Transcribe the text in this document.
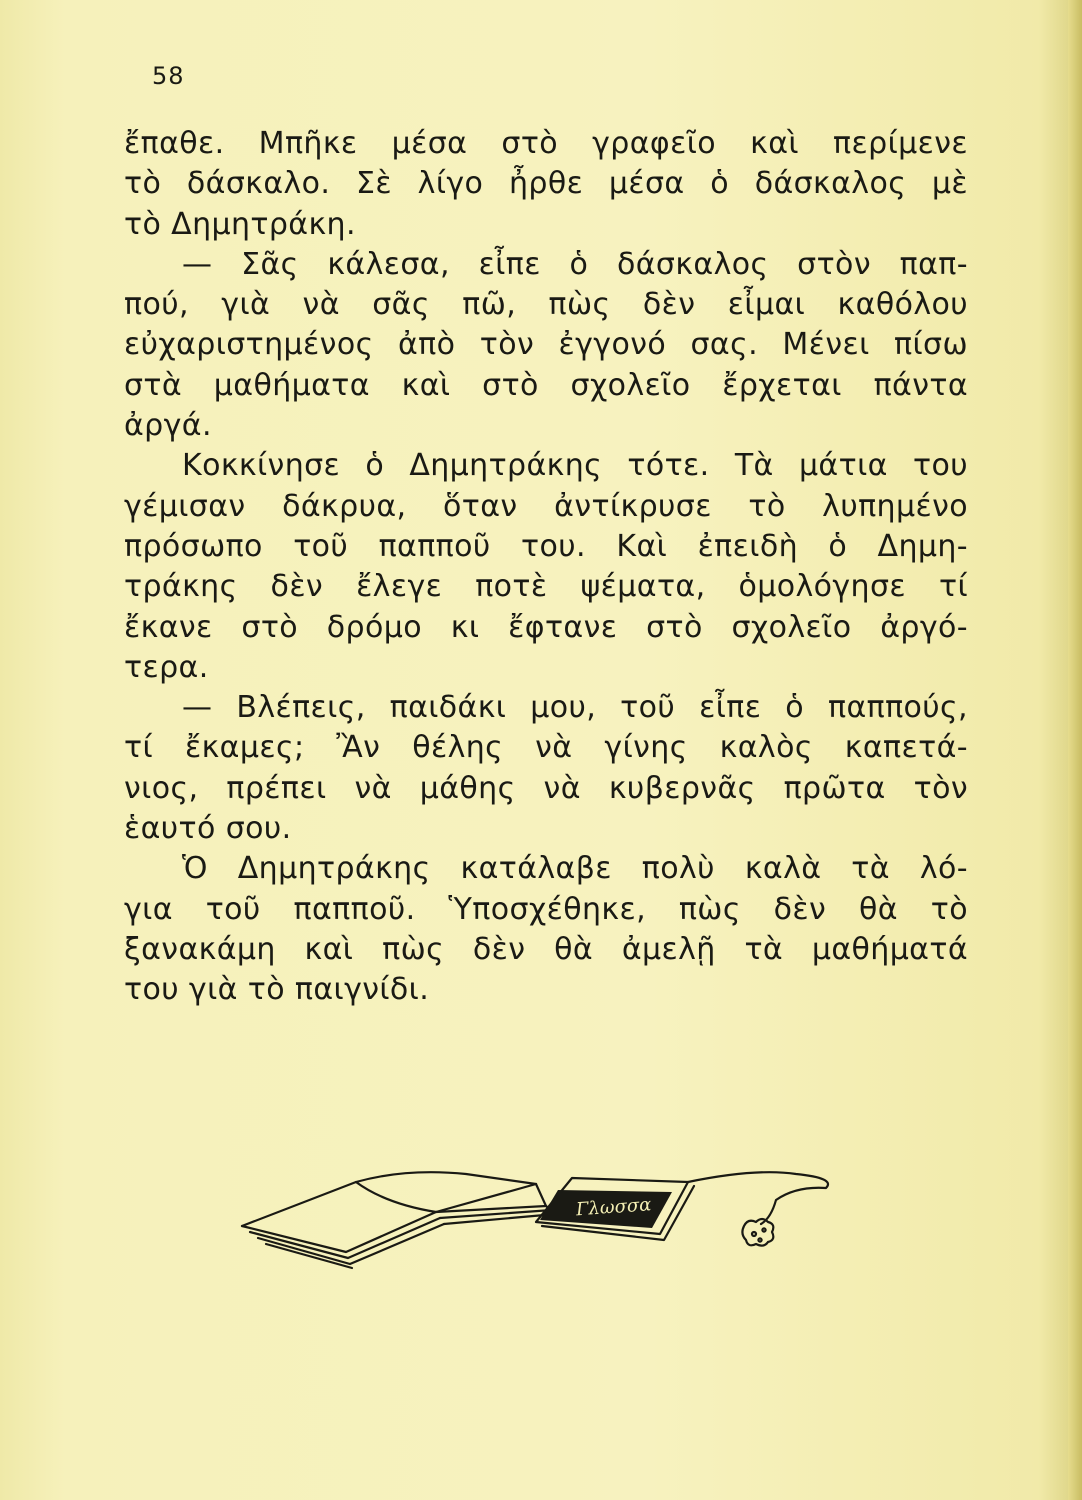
58
ἔπαθε. Μπῆκε μέσα στὸ γραφεῖο καὶ περίμενε
τὸ δάσκαλο. Σὲ λίγο ἦρθε μέσα ὁ δάσκαλος μὲ
τὸ Δημητράκη.
— Σᾶς κάλεσα, εἶπε ὁ δάσκαλος στὸν παπ-
πού, γιὰ νὰ σᾶς πῶ, πὼς δὲν εἶμαι καθόλου
εὐχαριστημένος ἀπὸ τὸν ἐγγονό σας. Μένει πίσω
στὰ μαθήματα καὶ στὸ σχολεῖο ἔρχεται πάντα
ἀργά.
Κοκκίνησε ὁ Δημητράκης τότε. Τὰ μάτια του
γέμισαν δάκρυα, ὅταν ἀντίκρυσε τὸ λυπημένο
πρόσωπο τοῦ παπποῦ του. Καὶ ἐπειδὴ ὁ Δημη-
τράκης δὲν ἔλεγε ποτὲ ψέματα, ὁμολόγησε τί
ἔκανε στὸ δρόμο κι ἔφτανε στὸ σχολεῖο ἀργό-
τερα.
— Βλέπεις, παιδάκι μου, τοῦ εἶπε ὁ παππούς,
τί ἔκαμες; Ἂν θέλης νὰ γίνης καλὸς καπετά-
νιος, πρέπει νὰ μάθης νὰ κυβερνᾶς πρῶτα τὸν
ἑαυτό σου.
Ὁ Δημητράκης κατάλαβε πολὺ καλὰ τὰ λό-
για τοῦ παπποῦ. Ὑποσχέθηκε, πὼς δὲν θὰ τὸ
ξανακάμη καὶ πὼς δὲν θὰ ἀμελῇ τὰ μαθήματά
του γιὰ τὸ παιγνίδι.
Γλωσσα
